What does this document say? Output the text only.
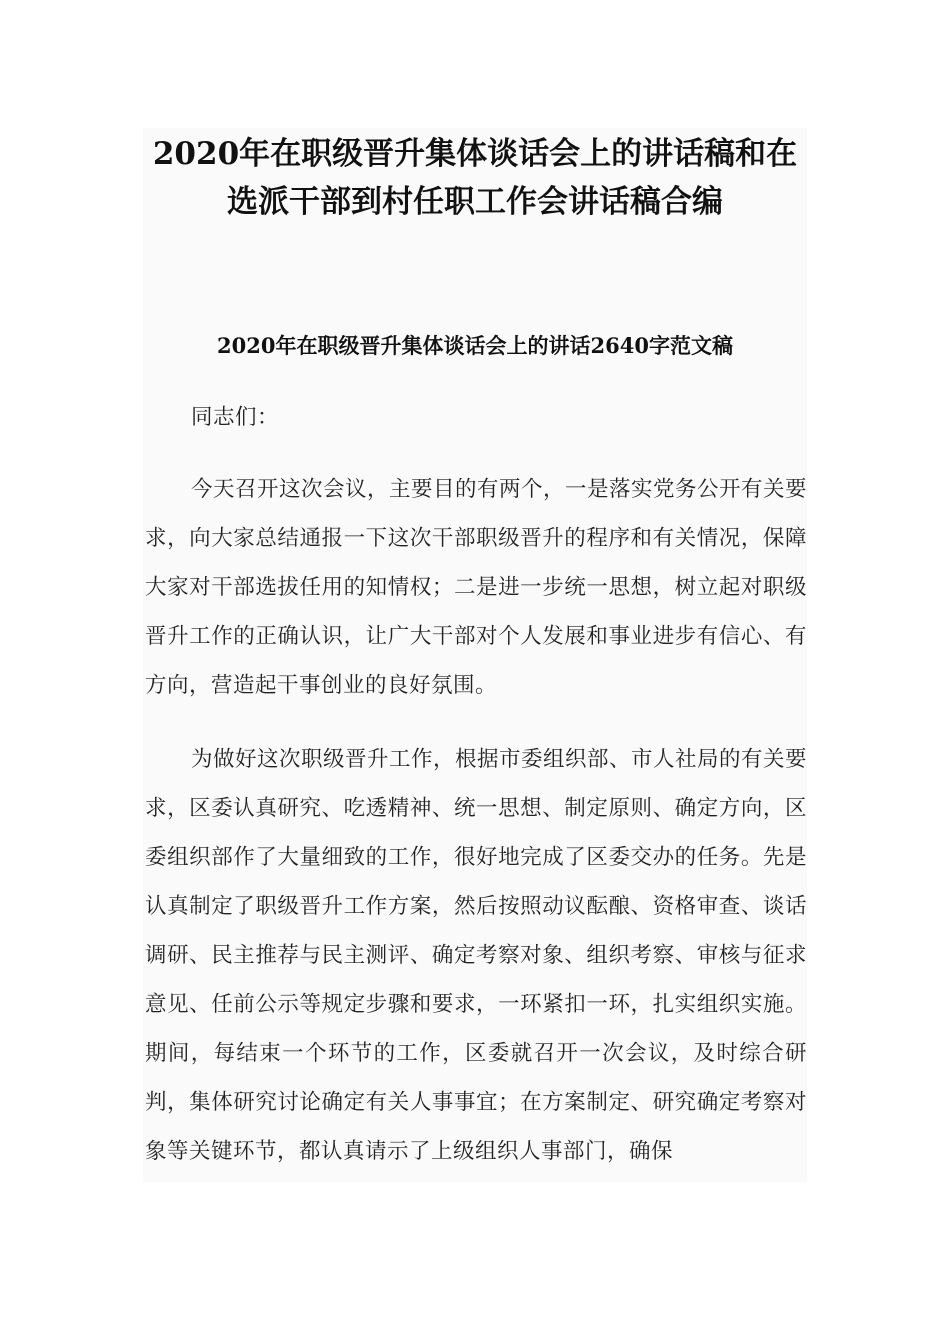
2020年在职级晋升集体谈话会上的讲话稿和在选派干部到村任职工作会讲话稿合编
2020年在职级晋升集体谈话会上的讲话2640字范文稿

同志们：

今天召开这次会议，主要目的有两个，一是落实党务公开有关要求，向大家总结通报一下这次干部职级晋升的程序和有关情况，保障大家对干部选拔任用的知情权；二是进一步统一思想，树立起对职级晋升工作的正确认识，让广大干部对个人发展和事业进步有信心、有方向，营造起干事创业的良好氛围。

为做好这次职级晋升工作，根据市委组织部、市人社局的有关要求，区委认真研究、吃透精神、统一思想、制定原则、确定方向，区委组织部作了大量细致的工作，很好地完成了区委交办的任务。先是认真制定了职级晋升工作方案，然后按照动议酝酿、资格审查、谈话调研、民主推荐与民主测评、确定考察对象、组织考察、审核与征求意见、任前公示等规定步骤和要求，一环紧扣一环，扎实组织实施。期间，每结束一个环节的工作，区委就召开一次会议，及时综合研判，集体研究讨论确定有关人事事宜；在方案制定、研究确定考察对象等关键环节，都认真请示了上级组织人事部门，确保
